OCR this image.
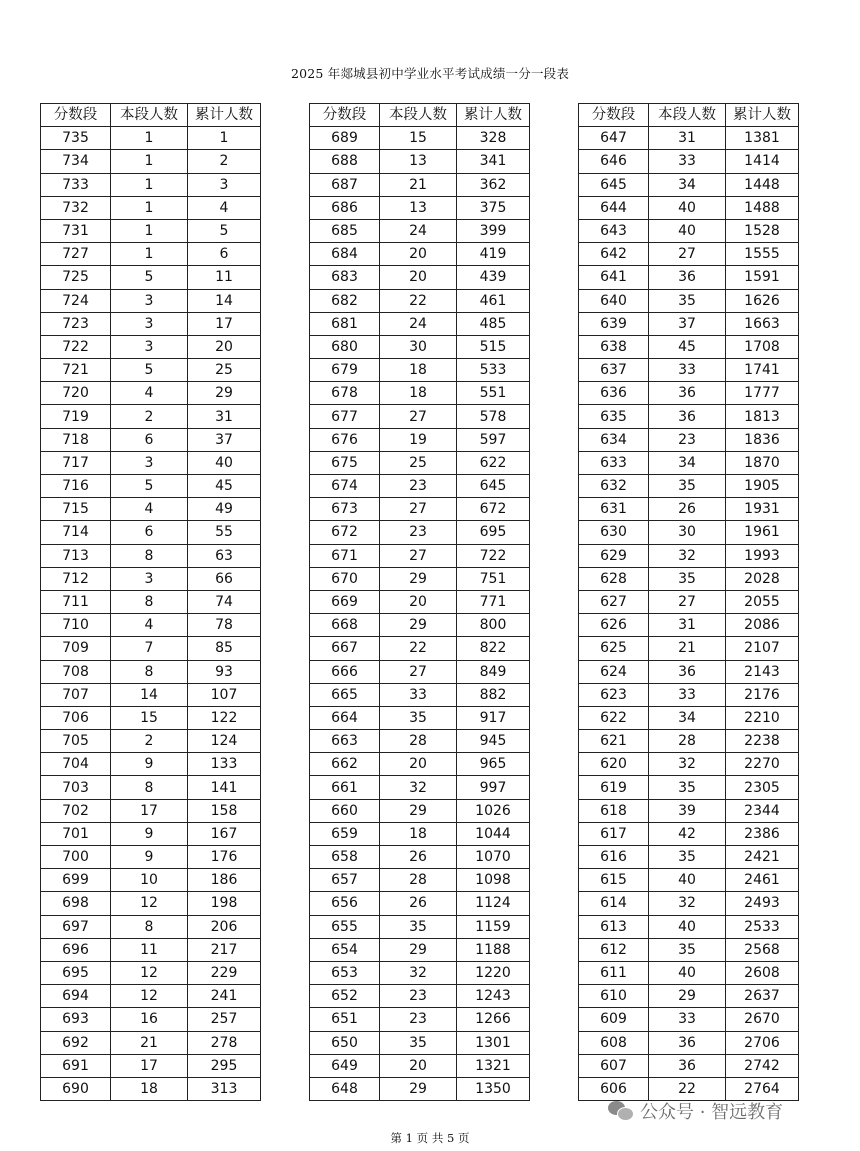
2025 年郯城县初中学业水平考试成绩一分一段表
分数段	本段人数	累计人数
735	1	1
734	1	2
733	1	3
732	1	4
731	1	5
727	1	6
725	5	11
724	3	14
723	3	17
722	3	20
721	5	25
720	4	29
719	2	31
718	6	37
717	3	40
716	5	45
715	4	49
714	6	55
713	8	63
712	3	66
711	8	74
710	4	78
709	7	85
708	8	93
707	14	107
706	15	122
705	2	124
704	9	133
703	8	141
702	17	158
701	9	167
700	9	176
699	10	186
698	12	198
697	8	206
696	11	217
695	12	229
694	12	241
693	16	257
692	21	278
691	17	295
690	18	313
分数段	本段人数	累计人数
689	15	328
688	13	341
687	21	362
686	13	375
685	24	399
684	20	419
683	20	439
682	22	461
681	24	485
680	30	515
679	18	533
678	18	551
677	27	578
676	19	597
675	25	622
674	23	645
673	27	672
672	23	695
671	27	722
670	29	751
669	20	771
668	29	800
667	22	822
666	27	849
665	33	882
664	35	917
663	28	945
662	20	965
661	32	997
660	29	1026
659	18	1044
658	26	1070
657	28	1098
656	26	1124
655	35	1159
654	29	1188
653	32	1220
652	23	1243
651	23	1266
650	35	1301
649	20	1321
648	29	1350
分数段	本段人数	累计人数
647	31	1381
646	33	1414
645	34	1448
644	40	1488
643	40	1528
642	27	1555
641	36	1591
640	35	1626
639	37	1663
638	45	1708
637	33	1741
636	36	1777
635	36	1813
634	23	1836
633	34	1870
632	35	1905
631	26	1931
630	30	1961
629	32	1993
628	35	2028
627	27	2055
626	31	2086
625	21	2107
624	36	2143
623	33	2176
622	34	2210
621	28	2238
620	32	2270
619	35	2305
618	39	2344
617	42	2386
616	35	2421
615	40	2461
614	32	2493
613	40	2533
612	35	2568
611	40	2608
610	29	2637
609	33	2670
608	36	2706
607	36	2742
606	22	2764
公众号 · 智远教育
第 1 页 共 5 页
